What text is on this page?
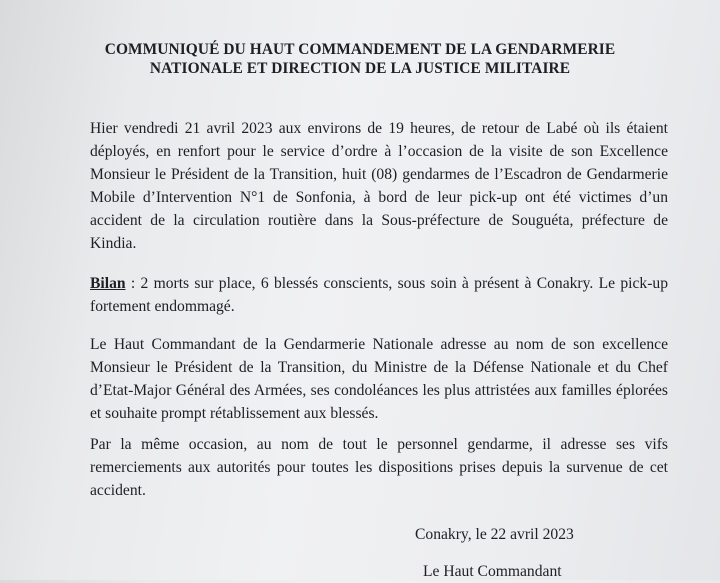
COMMUNIQUÉ DU HAUT COMMANDEMENT DE LA GENDARMERIE
NATIONALE ET DIRECTION DE LA JUSTICE MILITAIRE
Hier vendredi 21 avril 2023 aux environs de 19 heures, de retour de Labé où ils étaient déployés, en renfort pour le service d’ordre à l’occasion de la visite de son Excellence Monsieur le Président de la Transition, huit (08) gendarmes de l’Escadron de Gendarmerie Mobile d’Intervention N°1 de Sonfonia, à bord de leur pick-up ont été victimes d’un accident de la circulation routière dans la Sous-préfecture de Souguéta, préfecture de Kindia.
Bilan : 2 morts sur place, 6 blessés conscients, sous soin à présent à Conakry. Le pick-up fortement endommagé.
Le Haut Commandant de la Gendarmerie Nationale adresse au nom de son excellence Monsieur le Président de la Transition, du Ministre de la Défense Nationale et du Chef d’Etat-Major Général des Armées, ses condoléances les plus attristées aux familles éplorées et souhaite prompt rétablissement aux blessés.
Par la même occasion, au nom de tout le personnel gendarme, il adresse ses vifs remerciements aux autorités pour toutes les dispositions prises depuis la survenue de cet accident.
Conakry, le 22 avril 2023
Le Haut Commandant
